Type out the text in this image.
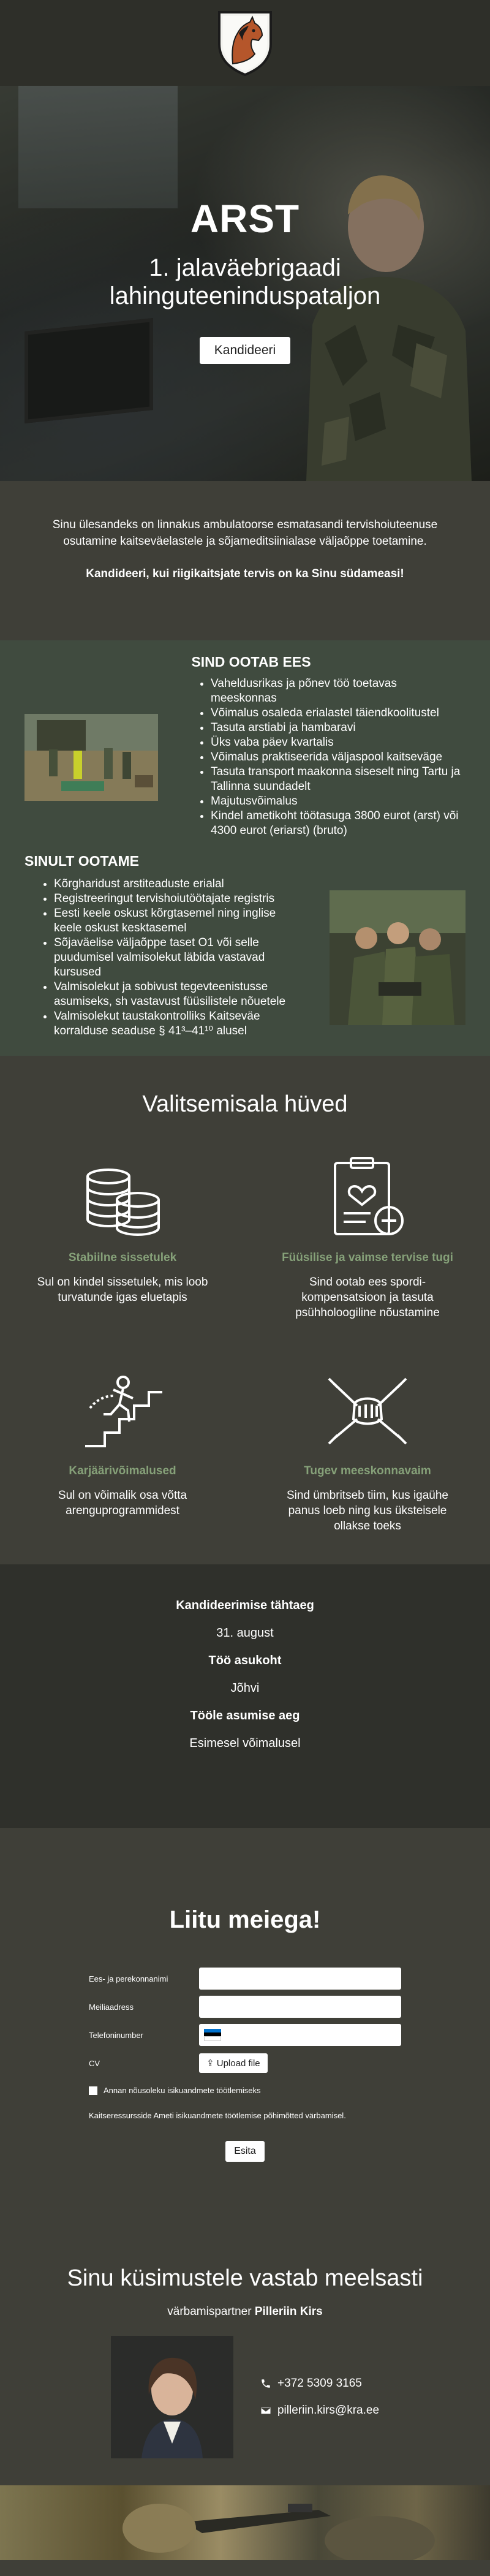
ARST
1. jalaväebrigaadi lahinguteeninduspataljon
Kandideeri

Sinu ülesandeks on linnakus ambulatoorse esmatasandi tervishoiuteenuse osutamine kaitseväelastele ja sõjameditsiinialase väljaõppe toetamine.

Kandideeri, kui riigikaitsjate tervis on ka Sinu südameasi!

SIND OOTAB EES
• Vaheldusrikas ja põnev töö toetavas meeskonnas
• Võimalus osaleda erialastel täiendkoolitustel
• Tasuta arstiabi ja hambaravi
• Üks vaba päev kvartalis
• Võimalus praktiseerida väljaspool kaitseväge
• Tasuta transport maakonna siseselt ning Tartu ja Tallinna suundadelt
• Majutusvõimalus
• Kindel ametikoht töötasuga 3800 eurot (arst) või 4300 eurot (eriarst) (bruto)
SINULT OOTAME
• Kõrgharidust arstiteaduste erialal
• Registreeringut tervishoiutöötajate registris
• Eesti keele oskust kõrgtasemel ning inglise keele oskust kesktasemel
• Sõjaväelise väljaõppe taset O1 või selle puudumisel valmisolekut läbida vastavad kursused
• Valmisolekut ja sobivust tegevteenistusse asumiseks, sh vastavust füüsilistele nõuetele
• Valmisolekut taustakontrolliks Kaitseväe korralduse seaduse § 41³–41¹⁰ alusel
Valitsemisala hüved
Stabiilne sissetulek
Sul on kindel sissetulek, mis loob turvatunde igas eluetapis
Füüsilise ja vaimse tervise tugi
Sind ootab ees spordi-kompensatsioon ja tasuta psühholoogiline nõustamine
Karjäärivõimalused
Sul on võimalik osa võtta arenguprogrammidest
Tugev meeskonnavaim
Sind ümbritseb tiim, kus igaühe panus loeb ning kus üksteisele ollakse toeks
Kandideerimise tähtaeg
31. august
Töö asukoht
Jõhvi
Tööle asumise aeg
Esimesel võimalusel
Liitu meiega!
Ees- ja perekonnanimi
Meiliaadress
Telefoninumber
CV	⇪ Upload file
Annan nõusoleku isikuandmete töötlemiseks
Kaitseressursside Ameti isikuandmete töötlemise põhimõtted värbamisel.
Esita
Sinu küsimustele vastab meelsasti
värbamispartner Pilleriin Kirs
+372 5309 3165
pilleriin.kirs@kra.ee
